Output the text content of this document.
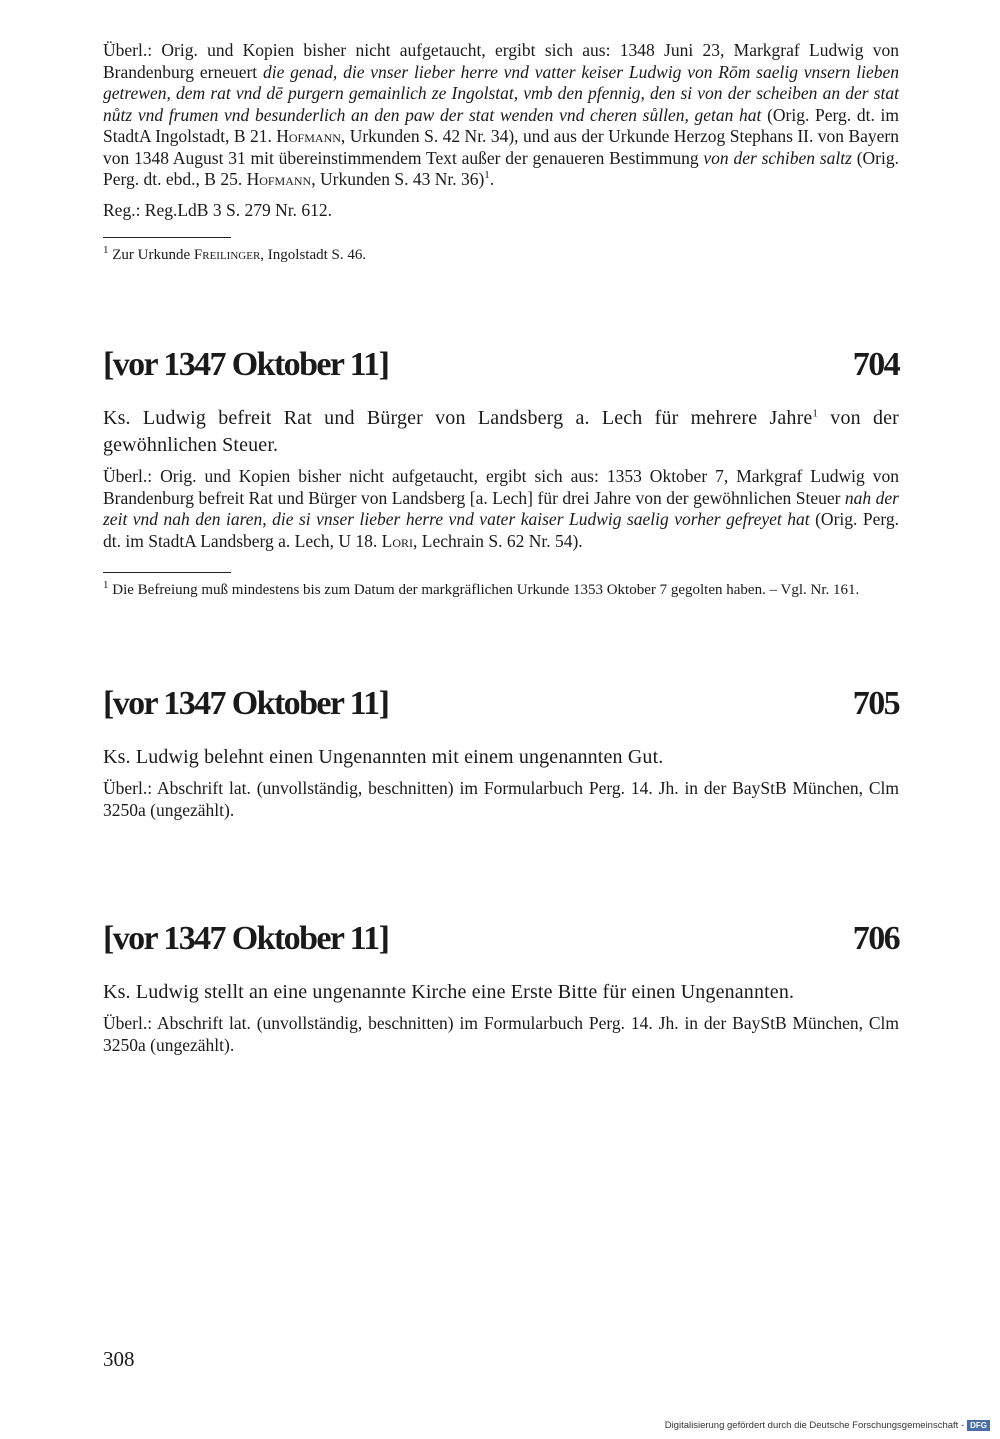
Überl.: Orig. und Kopien bisher nicht aufgetaucht, ergibt sich aus: 1348 Juni 23, Markgraf Ludwig von Brandenburg erneuert die genad, die vnser lieber herre vnd vatter keiser Ludwig von Rōm saelig vnsern lieben getrewen, dem rat vnd dē purgern gemainlich ze Ingolstat, vmb den pfennig, den si von der scheiben an der stat nůtz vnd frumen vnd besunderlich an den paw der stat wenden vnd cheren sůllen, getan hat (Orig. Perg. dt. im StadtA Ingolstadt, B 21. Hofmann, Urkunden S. 42 Nr. 34), und aus der Urkunde Herzog Stephans II. von Bayern von 1348 August 31 mit übereinstimmendem Text außer der genaueren Bestimmung von der schiben saltz (Orig. Perg. dt. ebd., B 25. Hofmann, Urkunden S. 43 Nr. 36)$^1$.

Reg.: Reg.LdB 3 S. 279 Nr. 612.

$^1$ Zur Urkunde Freilinger, Ingolstadt S. 46.

[vor 1347 Oktober 11]	704

Ks. Ludwig befreit Rat und Bürger von Landsberg a. Lech für mehrere Jahre$^1$ von der gewöhnlichen Steuer.

Überl.: Orig. und Kopien bisher nicht aufgetaucht, ergibt sich aus: 1353 Oktober 7, Markgraf Ludwig von Brandenburg befreit Rat und Bürger von Landsberg [a. Lech] für drei Jahre von der gewöhnlichen Steuer nah der zeit vnd nah den iaren, die si vnser lieber herre vnd vater kaiser Ludwig saelig vorher gefreyet hat (Orig. Perg. dt. im StadtA Landsberg a. Lech, U 18. Lori, Lechrain S. 62 Nr. 54).

$^1$ Die Befreiung muß mindestens bis zum Datum der markgräflichen Urkunde 1353 Oktober 7 gegolten haben. – Vgl. Nr. 161.

[vor 1347 Oktober 11]	705

Ks. Ludwig belehnt einen Ungenannten mit einem ungenannten Gut.

Überl.: Abschrift lat. (unvollständig, beschnitten) im Formularbuch Perg. 14. Jh. in der BayStB München, Clm 3250a (ungezählt).

[vor 1347 Oktober 11]	706

Ks. Ludwig stellt an eine ungenannte Kirche eine Erste Bitte für einen Ungenannten.

Überl.: Abschrift lat. (unvollständig, beschnitten) im Formularbuch Perg. 14. Jh. in der BayStB München, Clm 3250a (ungezählt).

308
Digitalisierung gefördert durch die Deutsche Forschungsgemeinschaft - DFG
